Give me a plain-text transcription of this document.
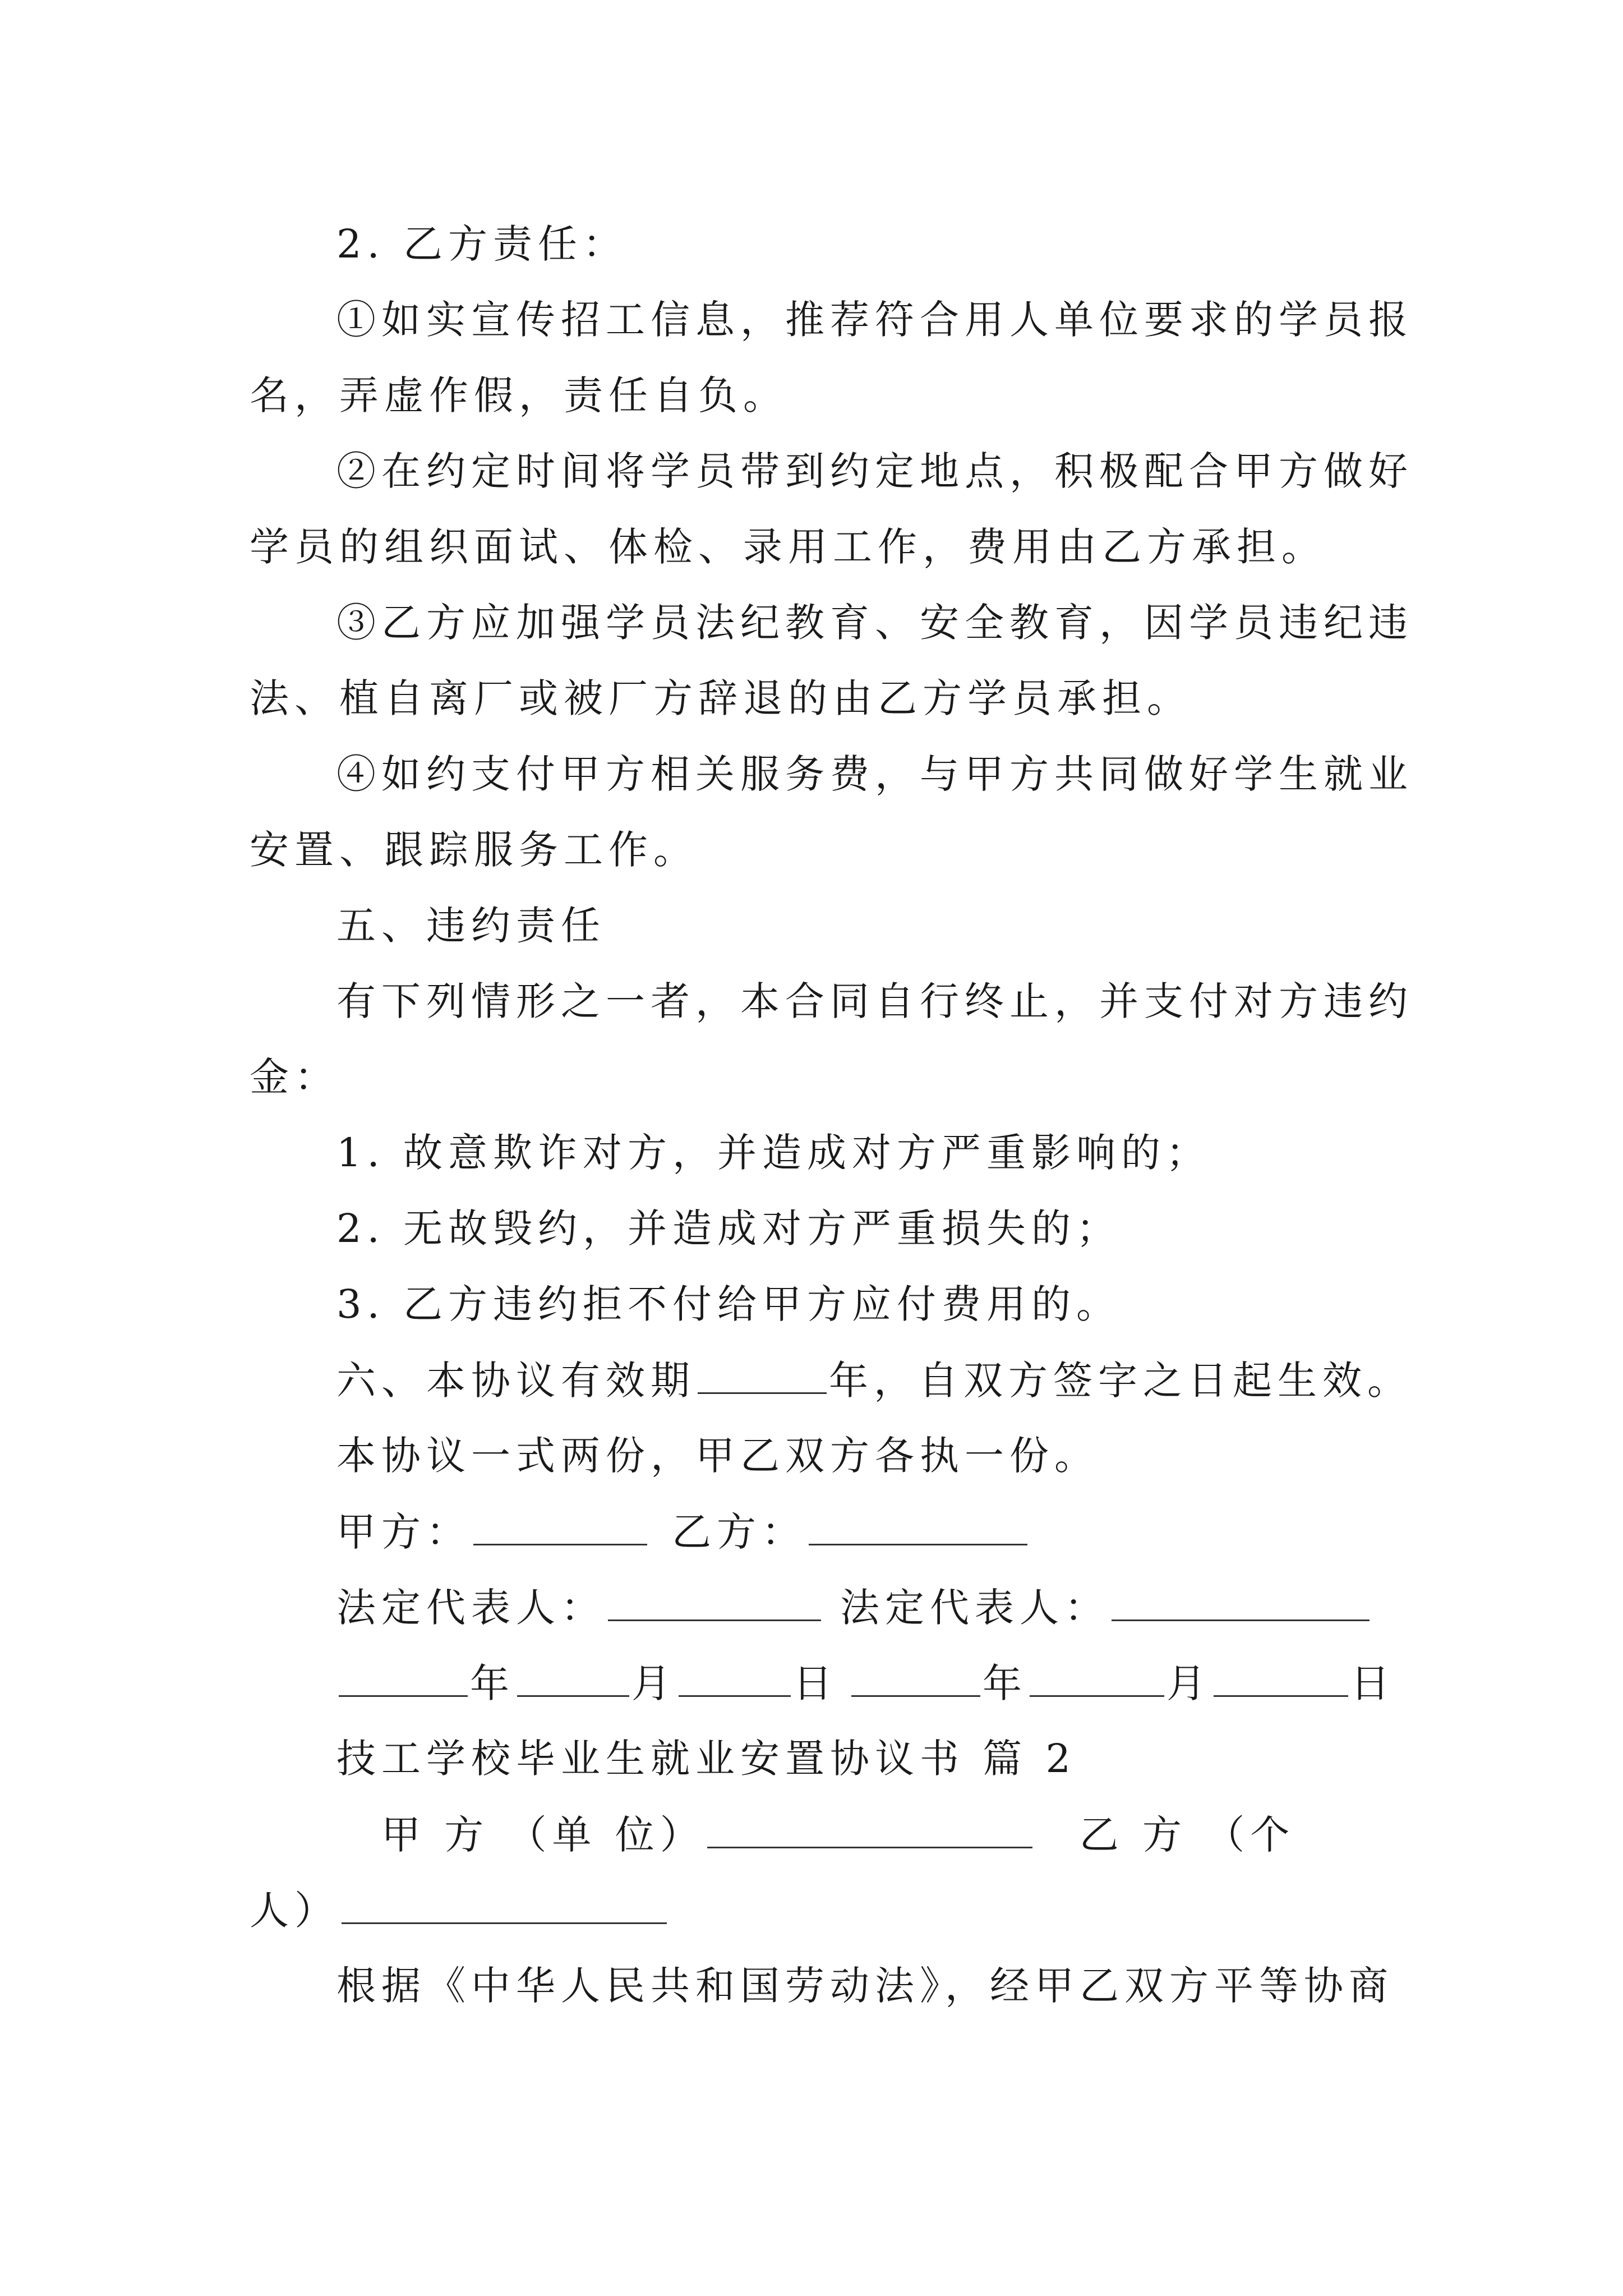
2. 乙方责任：
①如实宣传招工信息，推荐符合用人单位要求的学员报
名，弄虚作假，责任自负。
②在约定时间将学员带到约定地点，积极配合甲方做好
学员的组织面试、体检、录用工作，费用由乙方承担。
③乙方应加强学员法纪教育、安全教育，因学员违纪违
法、植自离厂或被厂方辞退的由乙方学员承担。
④如约支付甲方相关服务费，与甲方共同做好学生就业
安置、跟踪服务工作。
五、违约责任
有下列情形之一者，本合同自行终止，并支付对方违约
金：
1. 故意欺诈对方，并造成对方严重影响的；
2. 无故毁约，并造成对方严重损失的；
3. 乙方违约拒不付给甲方应付费用的。
六、本协议有效期	年，自双方签字之日起生效。
本协议一式两份，甲乙双方各执一份。
甲方：	乙方：
法定代表人：	法定代表人：
年	月	日	年	月	日
技工学校毕业生就业安置协议书 篇 2
甲 方 （单 位）	乙 方 （个
人）
根据《中华人民共和国劳动法》，经甲乙双方平等协商
